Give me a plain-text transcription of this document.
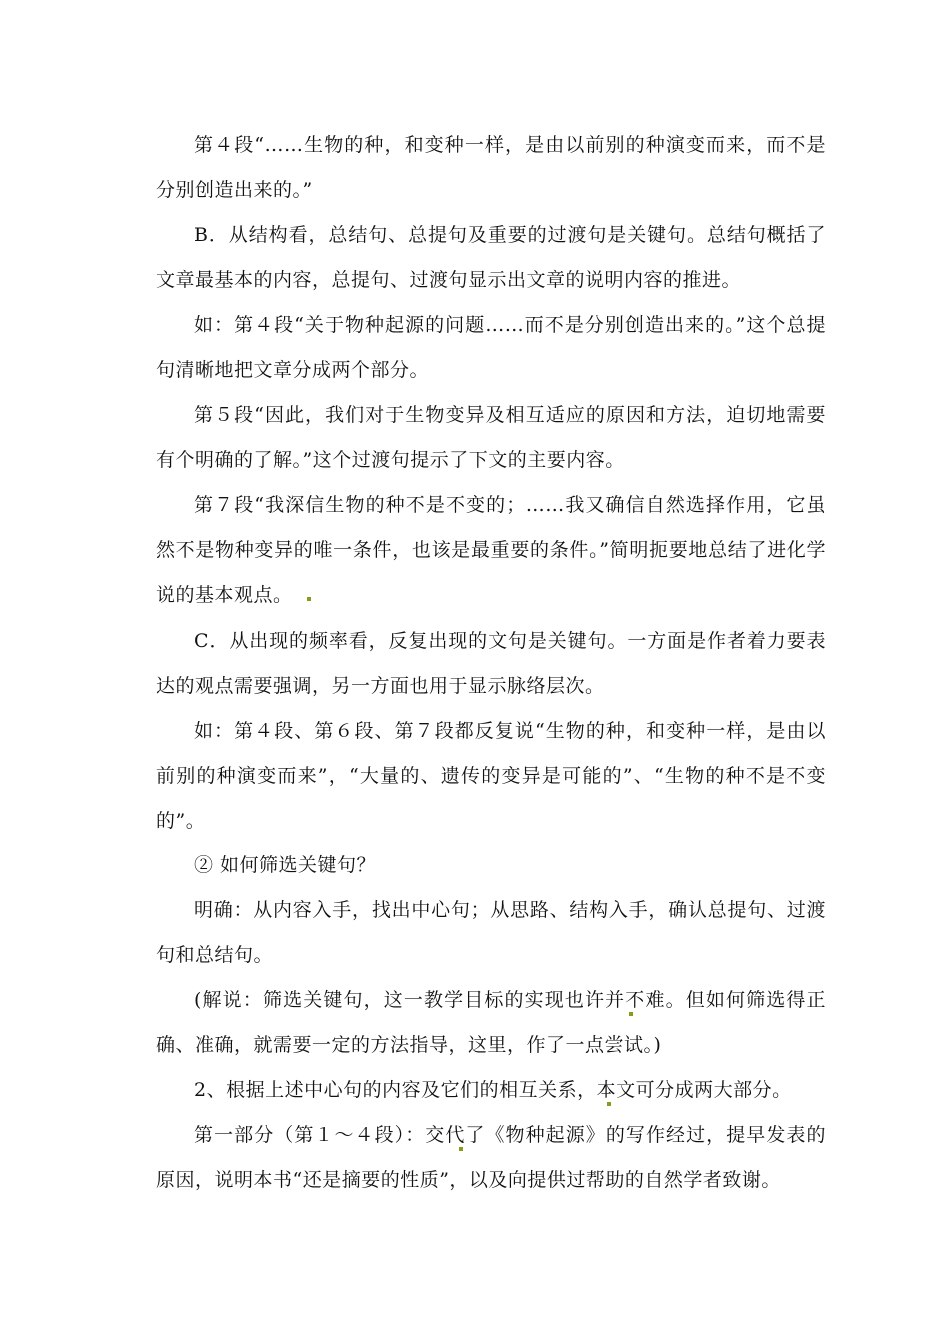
第４段“……生物的种，和变种一样，是由以前别的种演变而来，而不是分别创造出来的。”

B．从结构看，总结句、总提句及重要的过渡句是关键句。总结句概括了文章最基本的内容，总提句、过渡句显示出文章的说明内容的推进。

如：第４段“关于物种起源的问题……而不是分别创造出来的。”这个总提句清晰地把文章分成两个部分。

第５段“因此，我们对于生物变异及相互适应的原因和方法，迫切地需要有个明确的了解。”这个过渡句提示了下文的主要内容。

第７段“我深信生物的种不是不变的；……我又确信自然选择作用，它虽然不是物种变异的唯一条件，也该是最重要的条件。”简明扼要地总结了进化学说的基本观点。

C．从出现的频率看，反复出现的文句是关键句。一方面是作者着力要表达的观点需要强调，另一方面也用于显示脉络层次。

如：第４段、第６段、第７段都反复说“生物的种，和变种一样，是由以前别的种演变而来”，“大量的、遗传的变异是可能的”、“生物的种不是不变的”。

② 如何筛选关键句？

明确：从内容入手，找出中心句；从思路、结构入手，确认总提句、过渡句和总结句。

(解说：筛选关键句，这一教学目标的实现也许并不难。但如何筛选得正确、准确，就需要一定的方法指导，这里，作了一点尝试。)

2、根据上述中心句的内容及它们的相互关系，本文可分成两大部分。

第一部分（第１～４段）：交代了《物种起源》的写作经过，提早发表的原因，说明本书“还是摘要的性质”，以及向提供过帮助的自然学者致谢。
